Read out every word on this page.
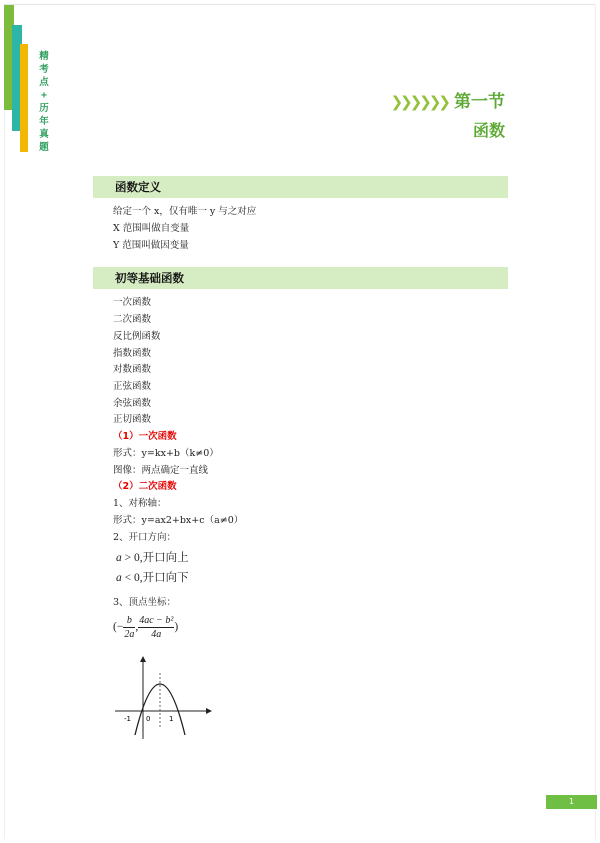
精
考
点
+
历
年
真
题
❯❯❯❯❯❯ 第一节
函数
函数定义
给定一个 x，仅有唯一 y 与之对应
X 范围叫做自变量
Y 范围叫做因变量
初等基础函数
一次函数
二次函数
反比例函数
指数函数
对数函数
正弦函数
余弦函数
正切函数
（1）一次函数
形式：y=kx+b（k≠0）
图像：两点确定一直线
（2）二次函数
1、对称轴：
形式：y=ax2+bx+c（a≠0）
2、开口方向：
a > 0,开口向上
a < 0,开口向下
3、顶点坐标：
(− $\frac{b}{2a}$ , $\frac{\text{4ac − b²}}{4a}$ )
-1 0	1
1
